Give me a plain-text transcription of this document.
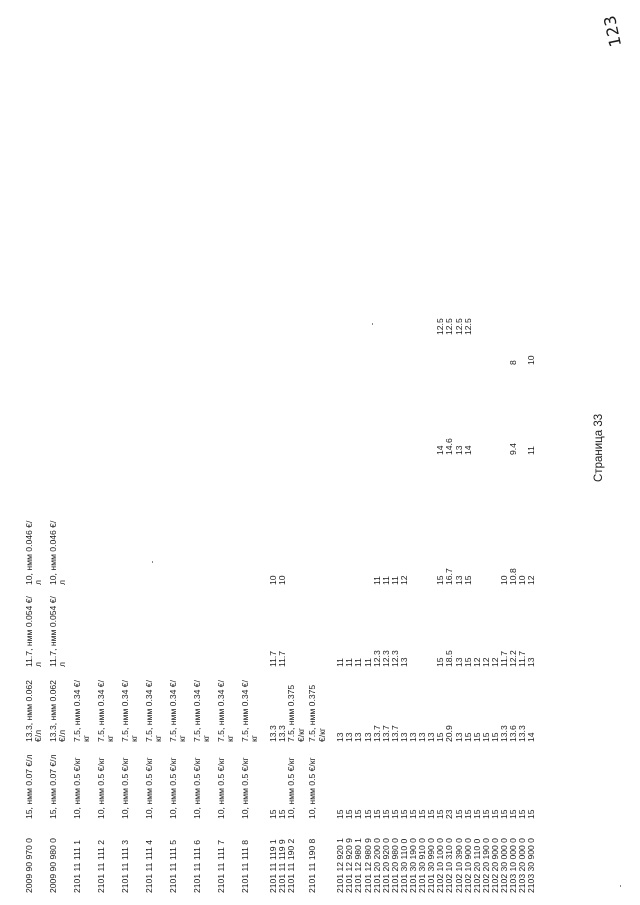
2009 90 970 0
15, нмм 0.07 €/л
13.3, нмм 0.062 €/л
11.7, нмм 0.054 €/л
10, нмм 0.046 €/л
2009 90 980 0
15, нмм 0.07 €/л
13.3, нмм 0.062 €/л
11.7, нмм 0.054 €/л
10, нмм 0.046 €/л
2101 11 111 1
10, нмм 0.5 €/кг
7.5, нмм 0.34 €/кг
2101 11 111 2
10, нмм 0.5 €/кг
7.5, нмм 0.34 €/кг
2101 11 111 3
10, нмм 0.5 €/кг
7.5, нмм 0.34 €/кг
2101 11 111 4
10, нмм 0.5 €/кг
7.5, нмм 0.34 €/кг
2101 11 111 5
10, нмм 0.5 €/кг
7.5, нмм 0.34 €/кг
2101 11 111 6
10, нмм 0.5 €/кг
7.5, нмм 0.34 €/кг
2101 11 111 7
10, нмм 0.5 €/кг
7.5, нмм 0.34 €/кг
2101 11 111 8
10, нмм 0.5 €/кг
7.5, нмм 0.34 €/кг
2101 11 119 1
15
13.3
11.7
10
2101 11 119 9
15
13.3
11.7
10
2101 11 190 2
10, нмм 0.5 €/кг
7.5, нмм 0.375 €/кг
2101 11 190 8
10, нмм 0.5 €/кг
7.5, нмм 0.375 €/кг
2101 12 920 1
15
13
11
2101 12 920 9
15
13
11
2101 12 980 1
15
13
11
2101 12 980 9
15
13
11
2101 20 200 0
15
13.7
12.3
11
2101 20 920 0
15
13.7
12.3
11
2101 20 980 0
15
13.7
12.3
11
2101 30 110 0
15
13
13
12
2101 30 190 0
15
13
2101 30 910 0
15
13
2101 30 990 0
15
13
2102 10 100 0
15
15
15
15
14
12.5
2102 10 310 0
23
20.9
18.5
16.7
14.6
12.5
2102 10 390 0
15
13
13
13
13
12.5
2102 10 900 0
15
15
15
15
14
12.5
2102 20 110 0
15
15
12
2102 20 190 0
15
15
12
2102 20 900 0
15
15
12
2102 30 000 0
15
13.3
11.7
10
2103 10 000 0
15
13.6
12.2
10.8
9.4
8
2103 20 000 0
15
13.3
11.7
10
2103 30 900 0
15
14
13
12
11
10
Страница 33
123
